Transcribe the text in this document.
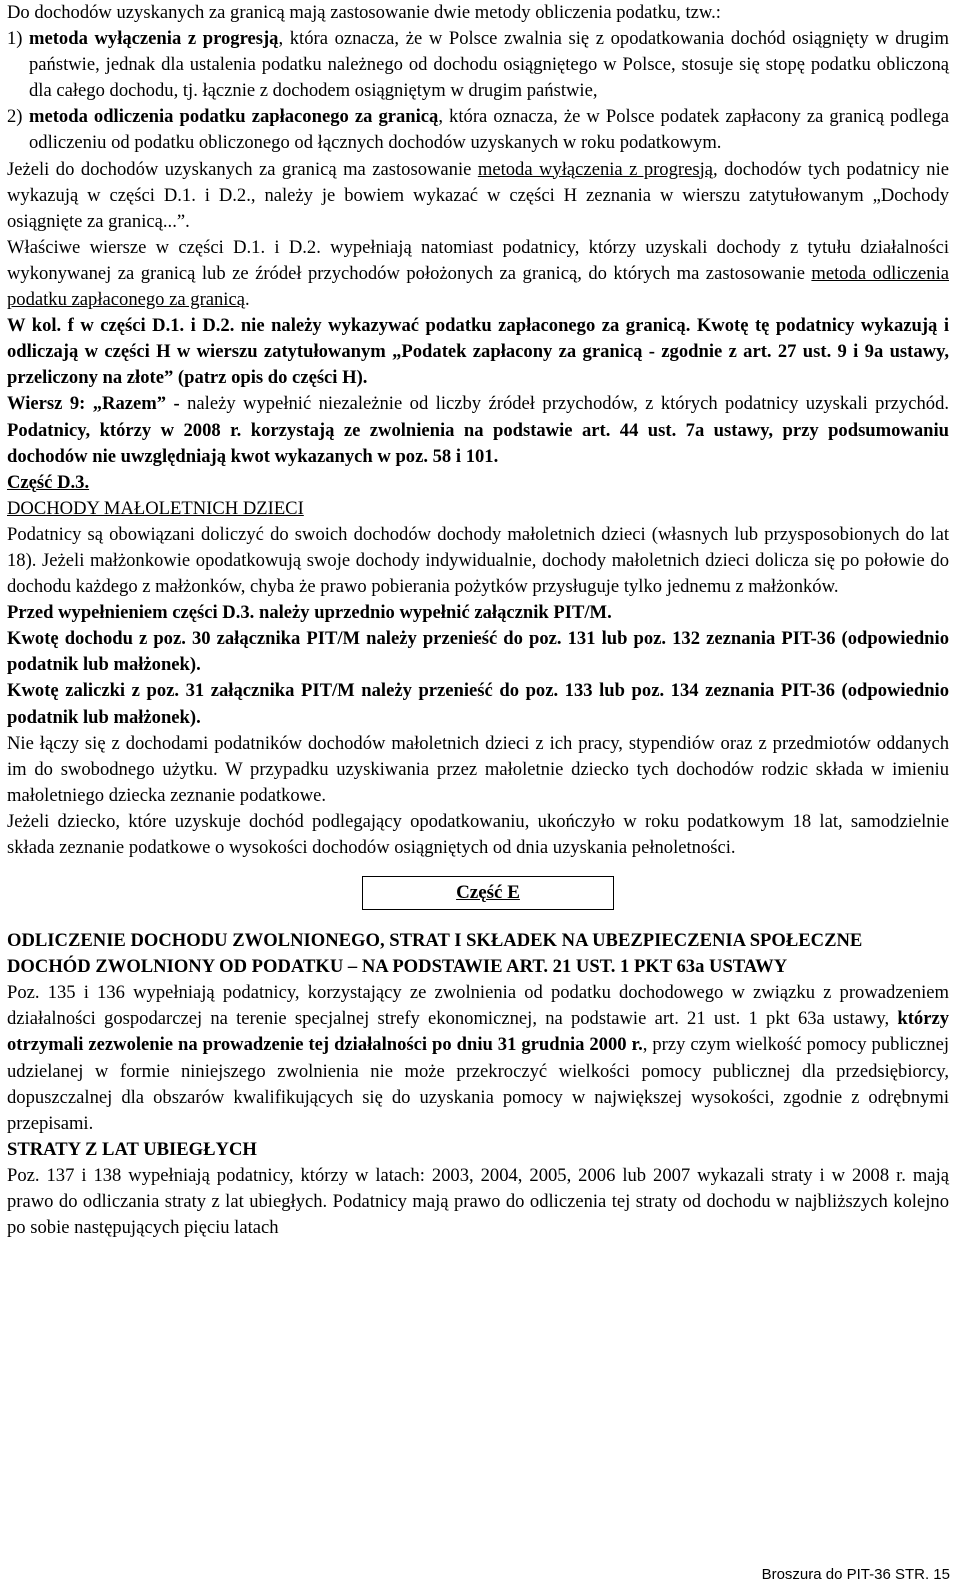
Do dochodów uzyskanych za granicą mają zastosowanie dwie metody obliczenia podatku, tzw.:

1) metoda wyłączenia z progresją, która oznacza, że w Polsce zwalnia się z opodatkowania dochód osiągnięty w drugim państwie, jednak dla ustalenia podatku należnego od dochodu osiągniętego w Polsce, stosuje się stopę podatku obliczoną dla całego dochodu, tj. łącznie z dochodem osiągniętym w drugim państwie,
2) metoda odliczenia podatku zapłaconego za granicą, która oznacza, że w Polsce podatek zapłacony za granicą podlega odliczeniu od podatku obliczonego od łącznych dochodów uzyskanych w roku podatkowym.

Jeżeli do dochodów uzyskanych za granicą ma zastosowanie metoda wyłączenia z progresją, dochodów tych podatnicy nie wykazują w części D.1. i D.2., należy je bowiem wykazać w części H zeznania w wierszu zatytułowanym „Dochody osiągnięte za granicą...”.

Właściwe wiersze w części D.1. i D.2. wypełniają natomiast podatnicy, którzy uzyskali dochody z tytułu działalności wykonywanej za granicą lub ze źródeł przychodów położonych za granicą, do których ma zastosowanie metoda odliczenia podatku zapłaconego za granicą.

W kol. f w części D.1. i D.2. nie należy wykazywać podatku zapłaconego za granicą. Kwotę tę podatnicy wykazują i odliczają w części H w wierszu zatytułowanym „Podatek zapłacony za granicą - zgodnie z art. 27 ust. 9 i 9a ustawy, przeliczony na złote” (patrz opis do części H).

Wiersz 9: „Razem” - należy wypełnić niezależnie od liczby źródeł przychodów, z których podatnicy uzyskali przychód. Podatnicy, którzy w 2008 r. korzystają ze zwolnienia na podstawie art. 44 ust. 7a ustawy, przy podsumowaniu dochodów nie uwzględniają kwot wykazanych w poz. 58 i 101.

Część D.3.

DOCHODY MAŁOLETNICH DZIECI

Podatnicy są obowiązani doliczyć do swoich dochodów dochody małoletnich dzieci (własnych lub przysposobionych do lat 18). Jeżeli małżonkowie opodatkowują swoje dochody indywidualnie, dochody małoletnich dzieci dolicza się po połowie do dochodu każdego z małżonków, chyba że prawo pobierania pożytków przysługuje tylko jednemu z małżonków.

Przed wypełnieniem części D.3. należy uprzednio wypełnić załącznik PIT/M.

Kwotę dochodu z poz. 30 załącznika PIT/M należy przenieść do poz. 131 lub poz. 132 zeznania PIT-36 (odpowiednio podatnik lub małżonek).

Kwotę zaliczki z poz. 31 załącznika PIT/M należy przenieść do poz. 133 lub poz. 134 zeznania PIT-36 (odpowiednio podatnik lub małżonek).

Nie łączy się z dochodami podatników dochodów małoletnich dzieci z ich pracy, stypendiów oraz z przedmiotów oddanych im do swobodnego użytku. W przypadku uzyskiwania przez małoletnie dziecko tych dochodów rodzic składa w imieniu małoletniego dziecka zeznanie podatkowe.

Jeżeli dziecko, które uzyskuje dochód podlegający opodatkowaniu, ukończyło w roku podatkowym 18 lat, samodzielnie składa zeznanie podatkowe o wysokości dochodów osiągniętych od dnia uzyskania pełnoletności.

Część E

ODLICZENIE DOCHODU ZWOLNIONEGO, STRAT I SKŁADEK NA UBEZPIECZENIA SPOŁECZNE

DOCHÓD ZWOLNIONY OD PODATKU – NA PODSTAWIE ART. 21 UST. 1 PKT 63a USTAWY

Poz. 135 i 136 wypełniają podatnicy, korzystający ze zwolnienia od podatku dochodowego w związku z prowadzeniem działalności gospodarczej na terenie specjalnej strefy ekonomicznej, na podstawie art. 21 ust. 1 pkt 63a ustawy, którzy otrzymali zezwolenie na prowadzenie tej działalności po dniu 31 grudnia 2000 r., przy czym wielkość pomocy publicznej udzielanej w formie niniejszego zwolnienia nie może przekroczyć wielkości pomocy publicznej dla przedsiębiorcy, dopuszczalnej dla obszarów kwalifikujących się do uzyskania pomocy w największej wysokości, zgodnie z odrębnymi przepisami.

STRATY Z LAT UBIEGŁYCH

Poz. 137 i 138 wypełniają podatnicy, którzy w latach: 2003, 2004, 2005, 2006 lub 2007 wykazali straty i w 2008 r. mają prawo do odliczania straty z lat ubiegłych. Podatnicy mają prawo do odliczenia tej straty od dochodu w najbliższych kolejno po sobie następujących pięciu latach

Broszura do PIT-36 STR. 15
